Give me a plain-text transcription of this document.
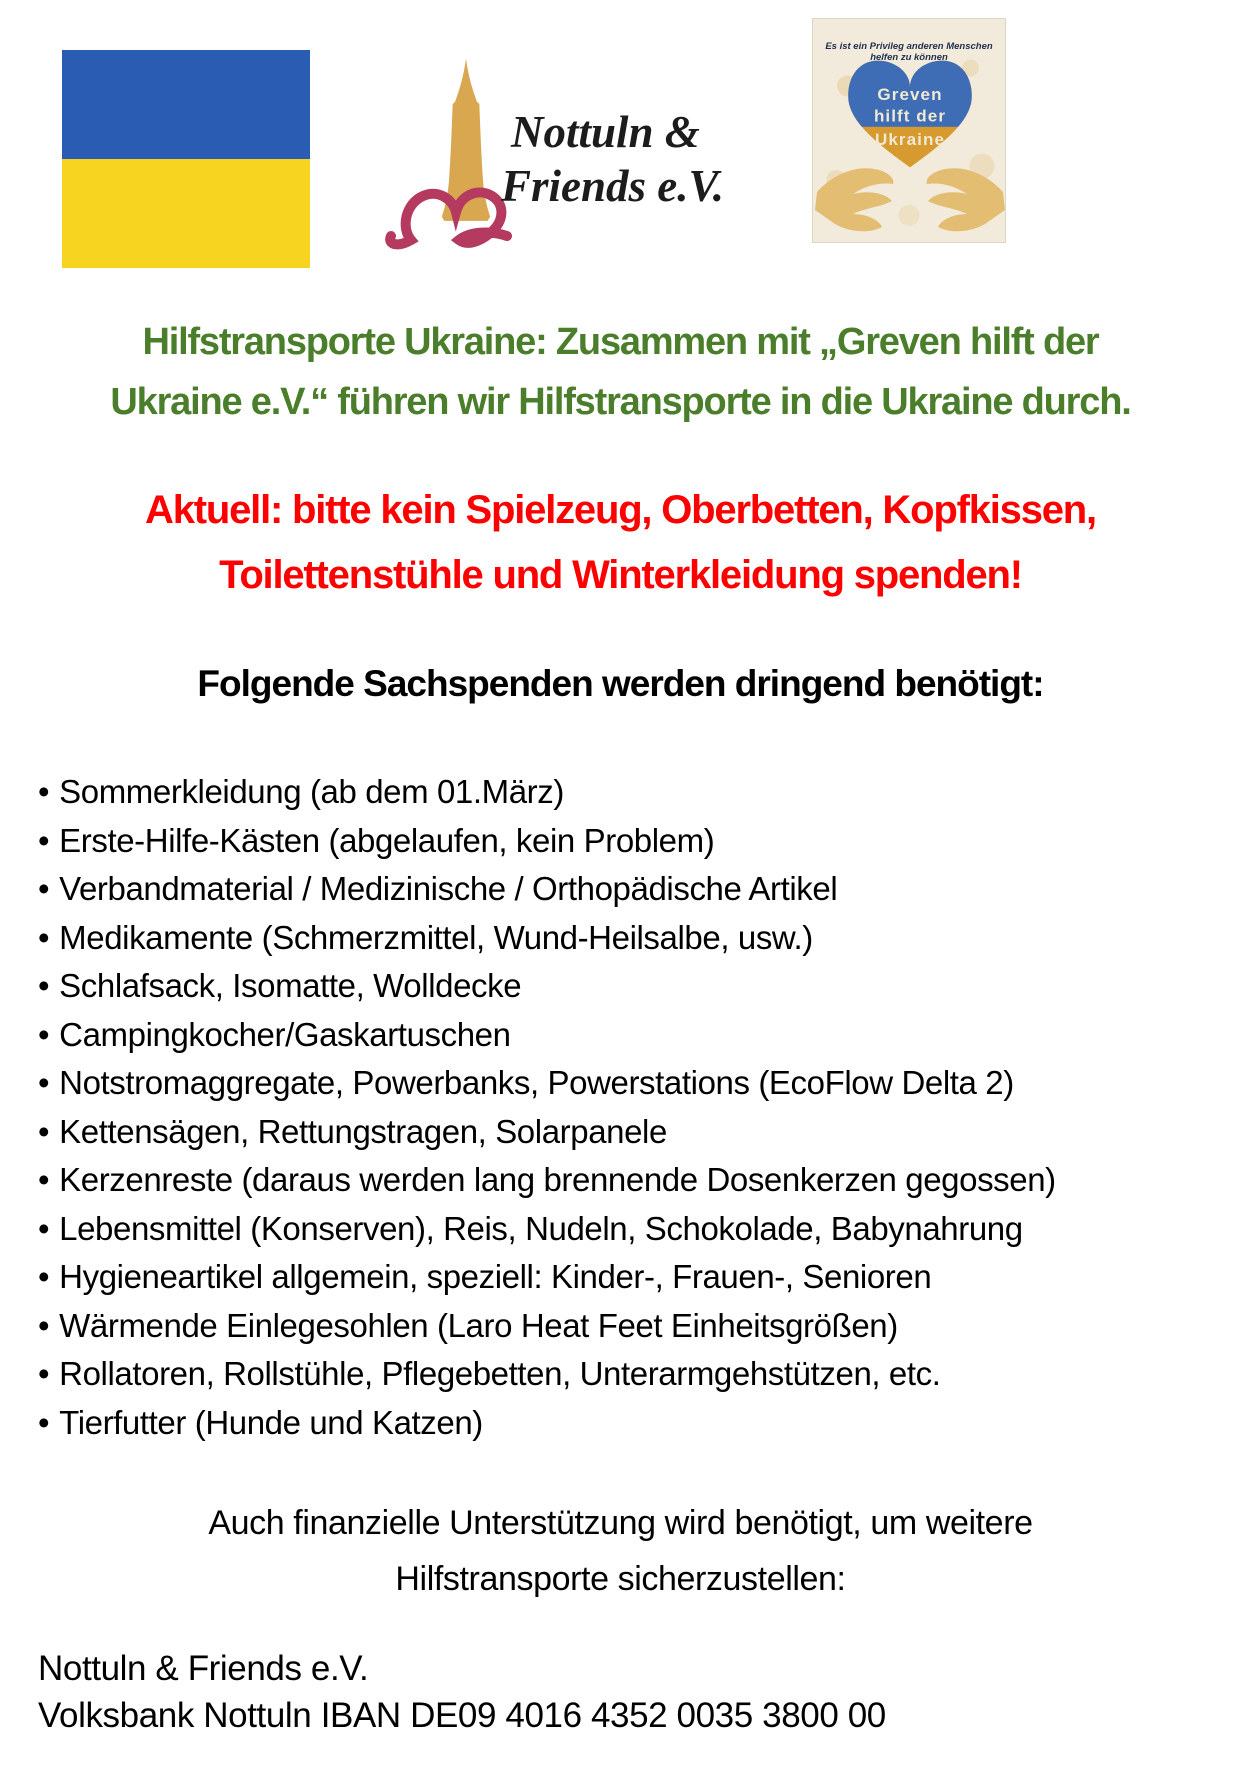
Nottuln &
Friends e.V.
Es ist ein Privileg anderen Menschen helfen zu können
Greven
hilft der
Ukraine
Hilfstransporte Ukraine: Zusammen mit „Greven hilft der
Ukraine e.V.“ führen wir Hilfstransporte in die Ukraine durch.
Aktuell: bitte kein Spielzeug, Oberbetten, Kopfkissen,
Toilettenstühle und Winterkleidung spenden!
Folgende Sachspenden werden dringend benötigt:
• Sommerkleidung (ab dem 01.März)
• Erste-Hilfe-Kästen (abgelaufen, kein Problem)
• Verbandmaterial / Medizinische / Orthopädische Artikel
• Medikamente (Schmerzmittel, Wund-Heilsalbe, usw.)
• Schlafsack, Isomatte, Wolldecke
• Campingkocher/Gaskartuschen
• Notstromaggregate, Powerbanks, Powerstations (EcoFlow Delta 2)
• Kettensägen, Rettungstragen, Solarpanele
• Kerzenreste (daraus werden lang brennende Dosenkerzen gegossen)
• Lebensmittel (Konserven), Reis, Nudeln, Schokolade, Babynahrung
• Hygieneartikel allgemein, speziell: Kinder-, Frauen-, Senioren
• Wärmende Einlegesohlen (Laro Heat Feet Einheitsgrößen)
• Rollatoren, Rollstühle, Pflegebetten, Unterarmgehstützen, etc.
• Tierfutter (Hunde und Katzen)

Auch finanzielle Unterstützung wird benötigt, um weitere
Hilfstransporte sicherzustellen:

Nottuln & Friends e.V.
Volksbank Nottuln IBAN DE09 4016 4352 0035 3800 00
